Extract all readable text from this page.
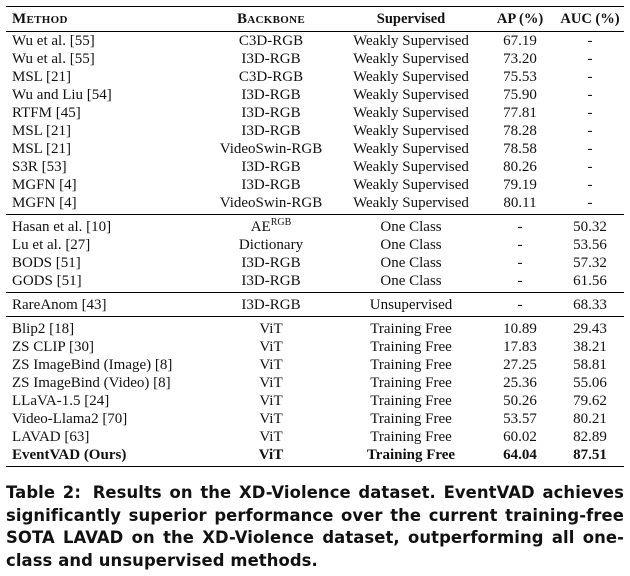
Method	Backbone	Supervised	AP (%)	AUC (%)
Wu et al. [55]	C3D-RGB	Weakly Supervised	67.19	-
Wu et al. [55]	I3D-RGB	Weakly Supervised	73.20	-
MSL [21]	C3D-RGB	Weakly Supervised	75.53	-
Wu and Liu [54]	I3D-RGB	Weakly Supervised	75.90	-
RTFM [45]	I3D-RGB	Weakly Supervised	77.81	-
MSL [21]	I3D-RGB	Weakly Supervised	78.28	-
MSL [21]	VideoSwin-RGB	Weakly Supervised	78.58	-
S3R [53]	I3D-RGB	Weakly Supervised	80.26	-
MGFN [4]	I3D-RGB	Weakly Supervised	79.19	-
MGFN [4]	VideoSwin-RGB	Weakly Supervised	80.11	-
Hasan et al. [10]	$AE^{RGB}$	One Class	-	50.32
Lu et al. [27]	Dictionary	One Class	-	53.56
BODS [51]	I3D-RGB	One Class	-	57.32
GODS [51]	I3D-RGB	One Class	-	61.56
RareAnom [43]	I3D-RGB	Unsupervised	-	68.33
Blip2 [18]	ViT	Training Free	10.89	29.43
ZS CLIP [30]	ViT	Training Free	17.83	38.21
ZS ImageBind (Image) [8]	ViT	Training Free	27.25	58.81
ZS ImageBind (Video) [8]	ViT	Training Free	25.36	55.06
LLaVA-1.5 [24]	ViT	Training Free	50.26	79.62
Video-Llama2 [70]	ViT	Training Free	53.57	80.21
LAVAD [63]	ViT	Training Free	60.02	82.89
EventVAD (Ours)	ViT	Training Free	64.04	87.51
Table 2: Results on the XD-Violence dataset. EventVAD achieves significantly superior performance over the current training-free SOTA LAVAD on the XD-Violence dataset, outperforming all one-class and unsupervised methods.
